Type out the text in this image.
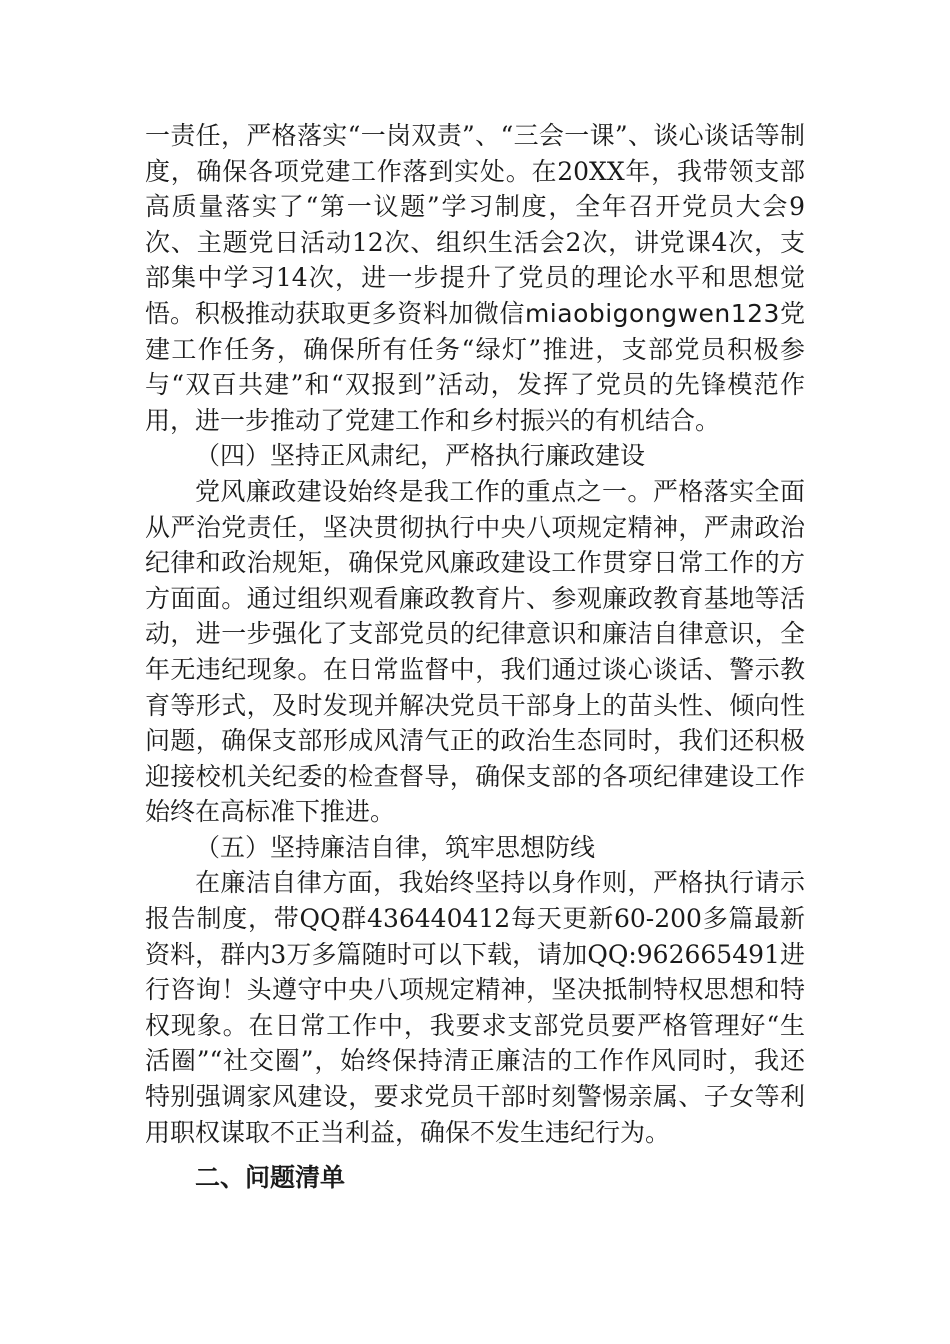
一责任，严格落实“一岗双责”、“三会一课”、谈心谈话等制度，确保各项党建工作落到实处。在20XX年，我带领支部高质量落实了“第一议题”学习制度，全年召开党员大会9次、主题党日活动12次、组织生活会2次，讲党课4次，支部集中学习14次，进一步提升了党员的理论水平和思想觉悟。积极推动获取更多资料加微信miaobigongwen123党建工作任务，确保所有任务“绿灯”推进，支部党员积极参与“双百共建”和“双报到”活动，发挥了党员的先锋模范作用，进一步推动了党建工作和乡村振兴的有机结合。

（四）坚持正风肃纪，严格执行廉政建设

党风廉政建设始终是我工作的重点之一。严格落实全面从严治党责任，坚决贯彻执行中央八项规定精神，严肃政治纪律和政治规矩，确保党风廉政建设工作贯穿日常工作的方方面面。通过组织观看廉政教育片、参观廉政教育基地等活动，进一步强化了支部党员的纪律意识和廉洁自律意识，全年无违纪现象。在日常监督中，我们通过谈心谈话、警示教育等形式，及时发现并解决党员干部身上的苗头性、倾向性问题，确保支部形成风清气正的政治生态同时，我们还积极迎接校机关纪委的检查督导，确保支部的各项纪律建设工作始终在高标准下推进。

（五）坚持廉洁自律，筑牢思想防线

在廉洁自律方面，我始终坚持以身作则，严格执行请示报告制度，带QQ群436440412每天更新60-200多篇最新资料，群内3万多篇随时可以下载，请加QQ:962665491进行咨询！头遵守中央八项规定精神，坚决抵制特权思想和特权现象。在日常工作中，我要求支部党员要严格管理好“生活圈”“社交圈”，始终保持清正廉洁的工作作风同时，我还特别强调家风建设，要求党员干部时刻警惕亲属、子女等利用职权谋取不正当利益，确保不发生违纪行为。

二、问题清单
